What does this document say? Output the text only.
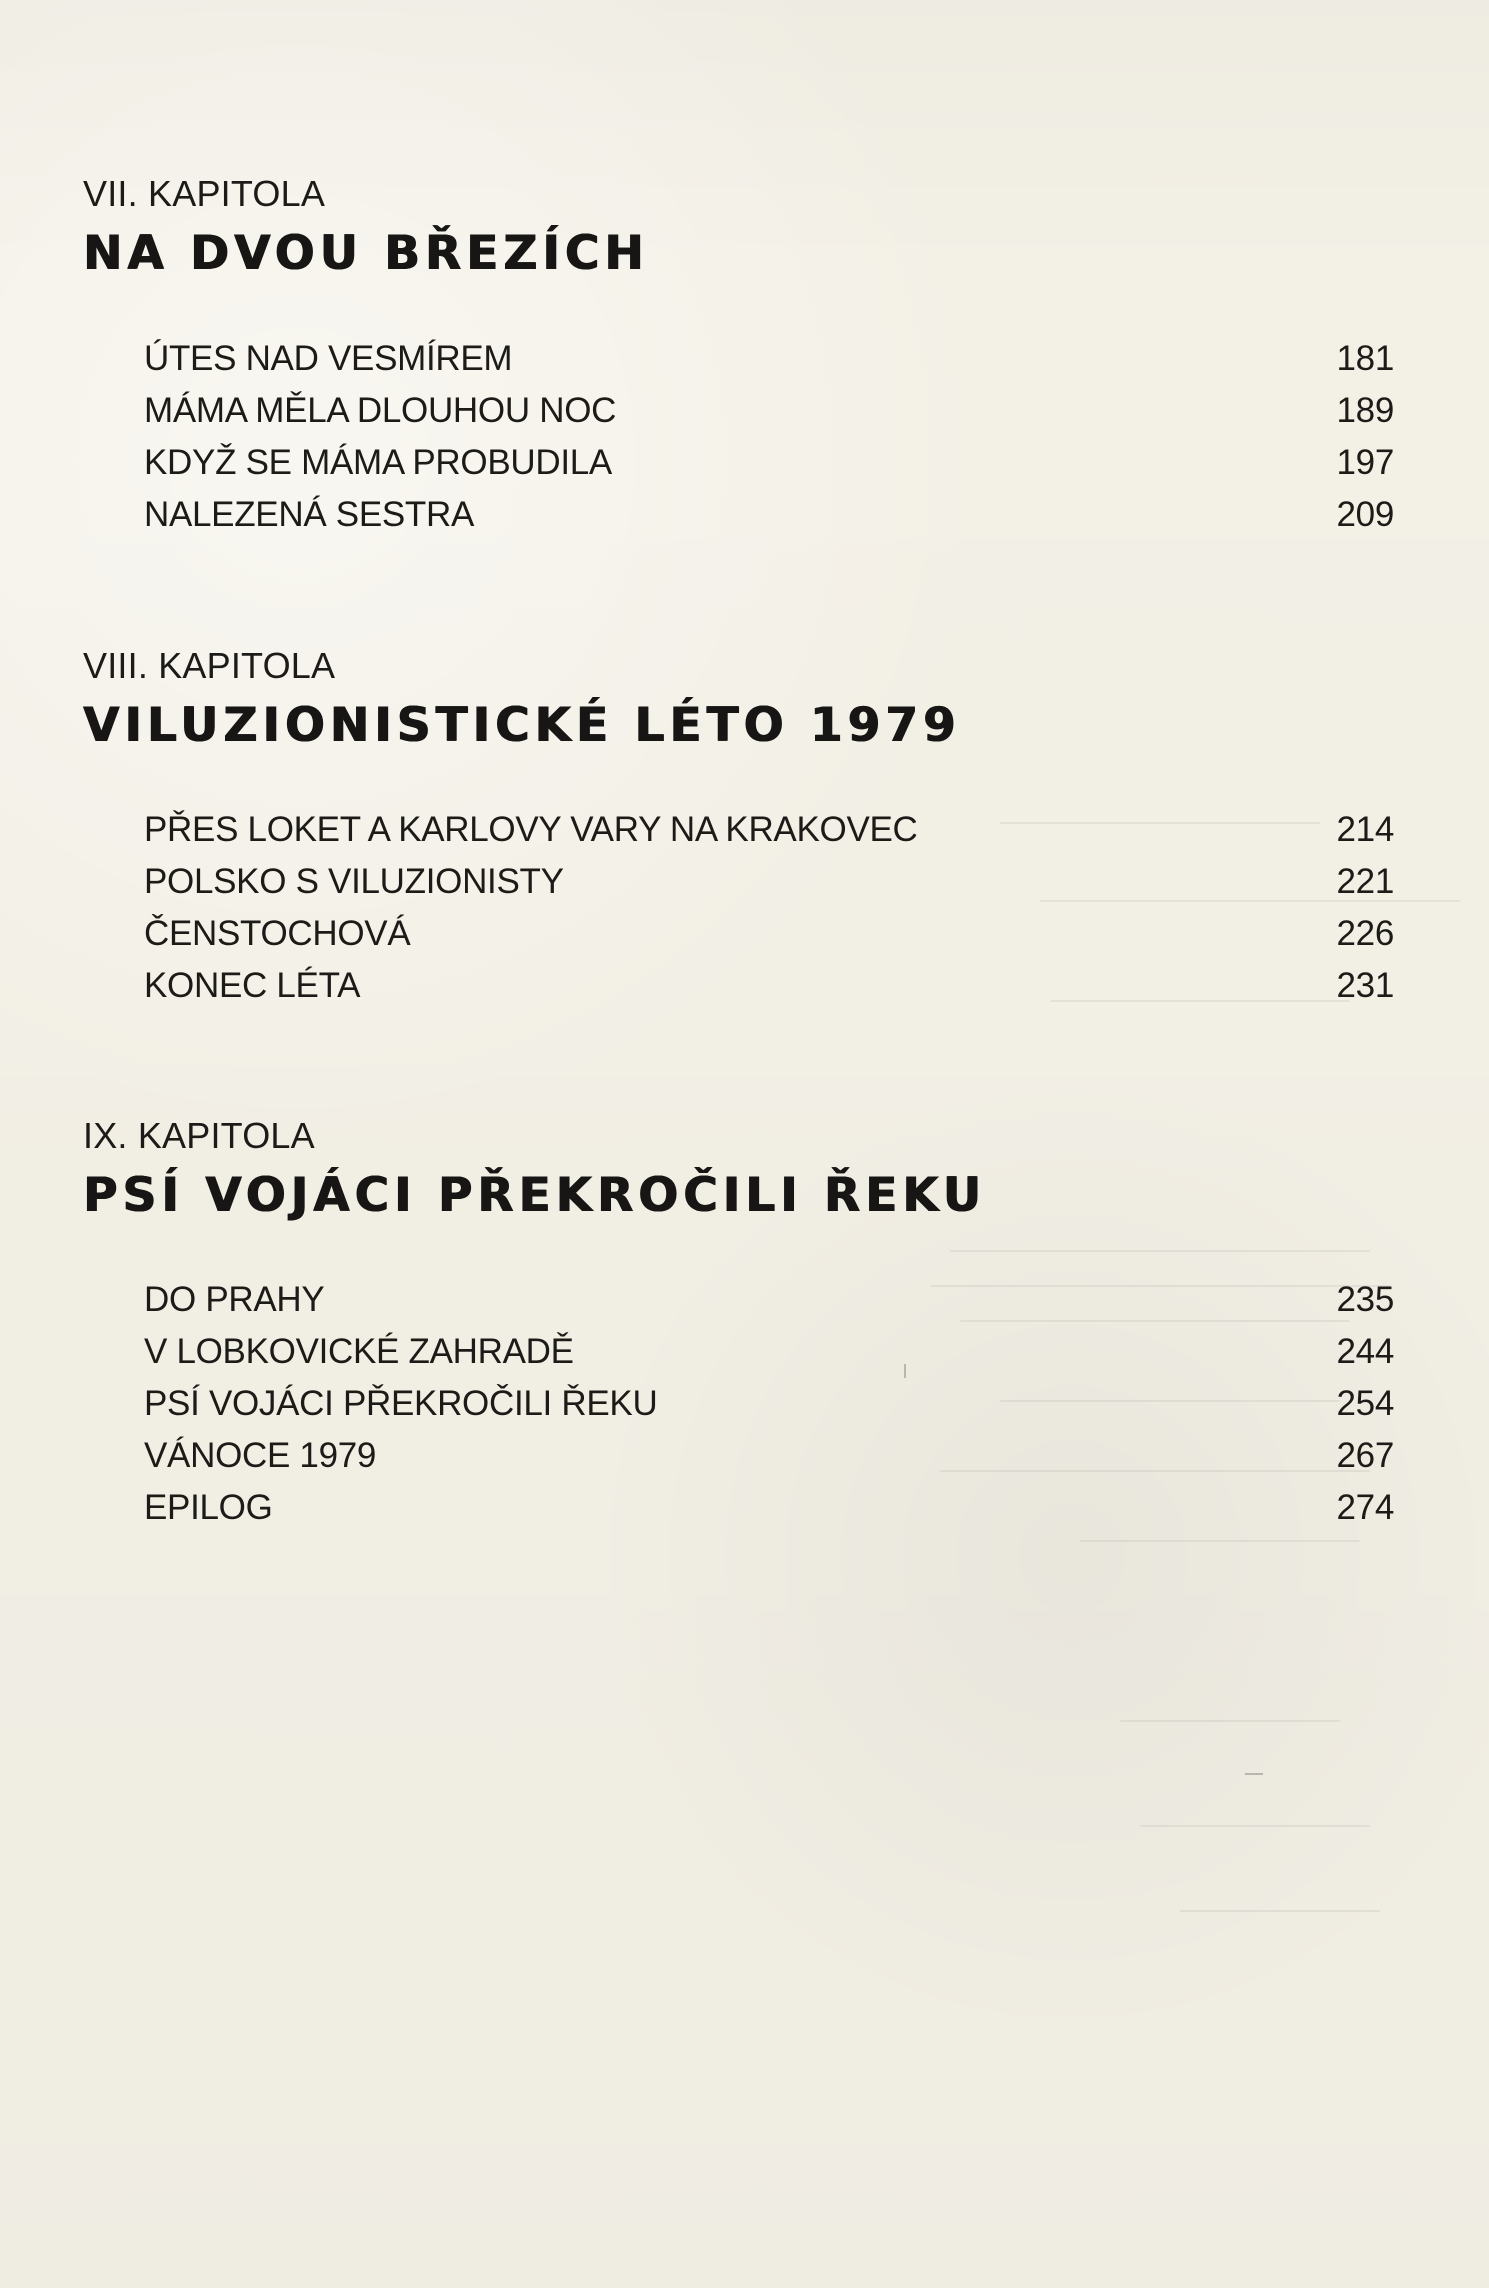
VII. KAPITOLA
NA DVOU BŘEZÍCH
ÚTES NAD VESMÍREM	181
MÁMA MĚLA DLOUHOU NOC	189
KDYŽ SE MÁMA PROBUDILA	197
NALEZENÁ SESTRA	209
VIII. KAPITOLA
VILUZIONISTICKÉ LÉTO 1979
PŘES LOKET A KARLOVY VARY NA KRAKOVEC	214
POLSKO S VILUZIONISTY	221
ČENSTOCHOVÁ	226
KONEC LÉTA	231
IX. KAPITOLA
PSÍ VOJÁCI PŘEKROČILI ŘEKU
DO PRAHY	235
V LOBKOVICKÉ ZAHRADĚ	244
PSÍ VOJÁCI PŘEKROČILI ŘEKU	254
VÁNOCE 1979	267
EPILOG	274
